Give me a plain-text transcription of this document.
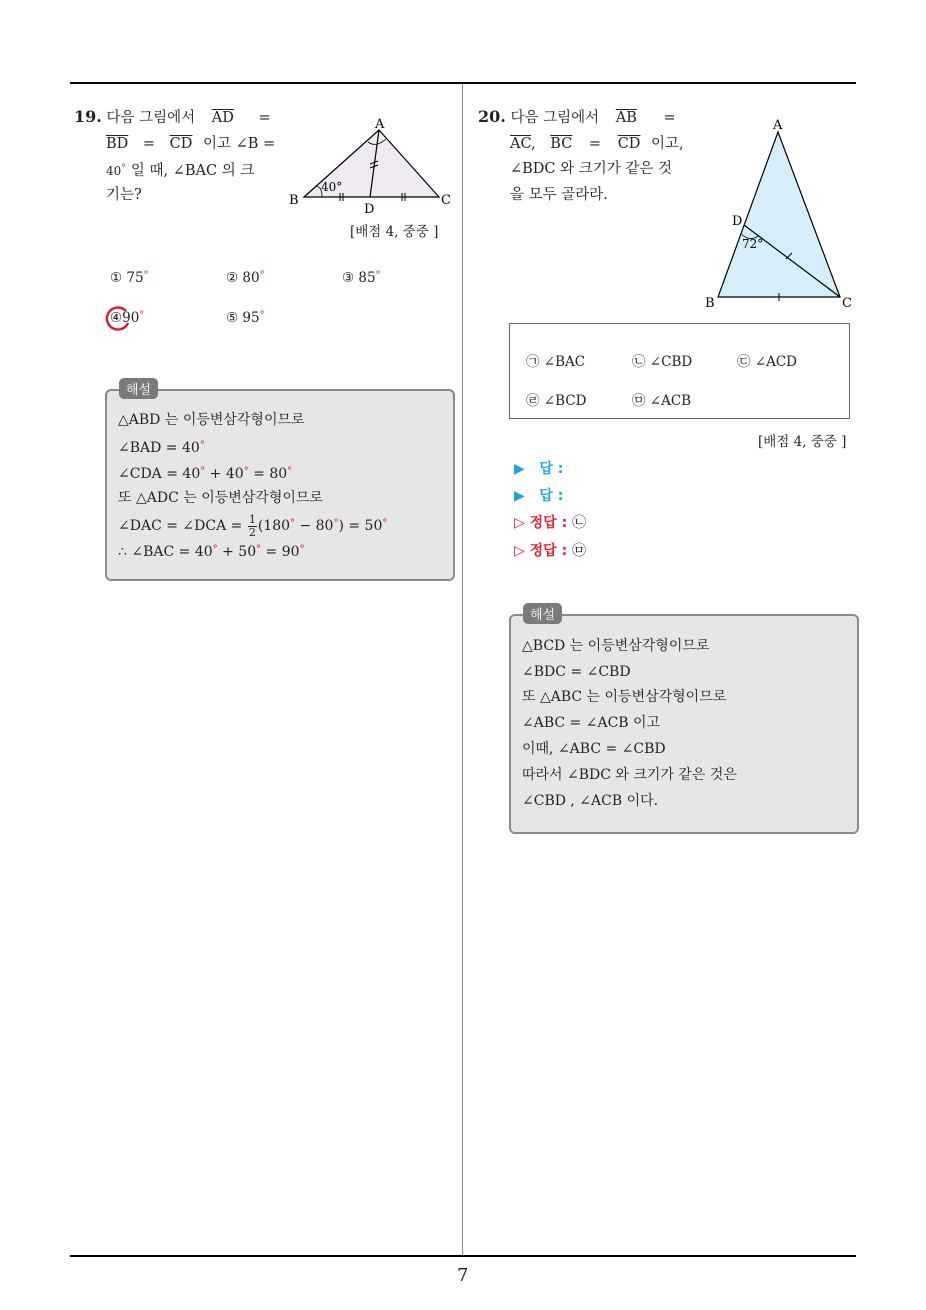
7
19. 다음 그림에서 $\overline{AD}$ =
$\overline{BD} = \overline{CD}$ 이고 ∠B =
40° 일 때, ∠BAC 의 크
기는?
A
B	C
D
40°
[배점 4, 중중 ]
① 75°	② 80°	③ 85°
④90°	⑤ 95°
해설
△ABD 는 이등변삼각형이므로
∠BAD = 40°
∠CDA = 40° + 40° = 80°
또 △ADC 는 이등변삼각형이므로
∠DAC = ∠DCA = $\frac{1}{2} (180^\circ - 80^\circ) = 50^\circ$
∴ ∠BAC = 40° + 50° = 90°
20. 다음 그림에서 $\overline{AB}$ =
$\overline{AC}$, $\overline{BC} = \overline{CD}$ 이고,
∠BDC 와 크기가 같은 것
을 모두 골라라.
A
B	C
D
72°
㉠ ∠BAC	㉡ ∠CBD	㉢ ∠ACD
㉣ ∠BCD	㉤ ∠ACB
[배점 4, 중중 ]
▶ 답 :
▶ 답 :
▷ 정답 : ㉡
▷ 정답 : ㉤
해설
△BCD 는 이등변삼각형이므로
∠BDC = ∠CBD
또 △ABC 는 이등변삼각형이므로
∠ABC = ∠ACB 이고
이때, ∠ABC = ∠CBD
따라서 ∠BDC 와 크기가 같은 것은
∠CBD , ∠ACB 이다.
